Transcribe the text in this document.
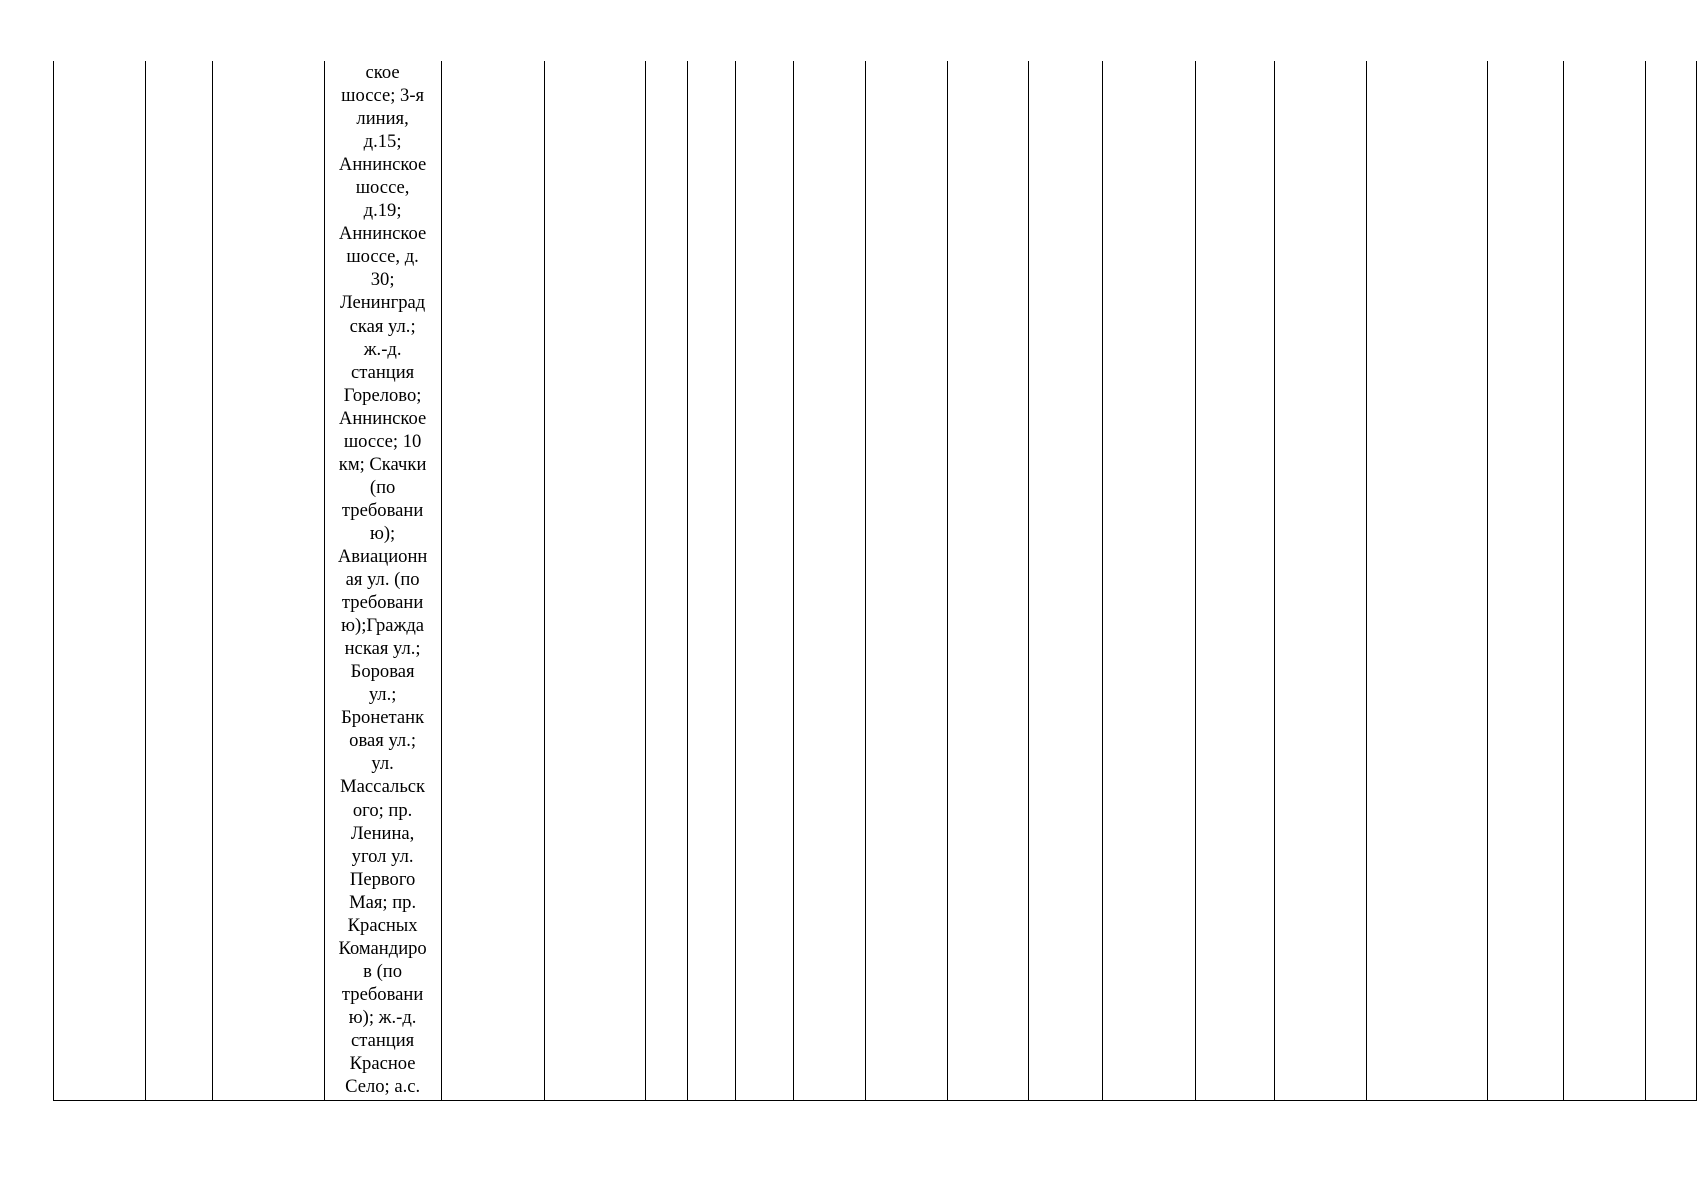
ское
шоссе; 3-я
линия,
д.15;
Аннинское
шоссе,
д.19;
Аннинское
шоссе, д.
30;
Ленинград
ская ул.;
ж.-д.
станция
Горелово;
Аннинское
шоссе; 10
км; Скачки
(по
требовани
ю);
Авиационн
ая ул. (по
требовани
ю);Гражда
нская ул.;
Боровая
ул.;
Бронетанк
овая ул.;
ул.
Массальск
ого; пр.
Ленина,
угол ул.
Первого
Мая; пр.
Красных
Командиро
в (по
требовани
ю); ж.-д.
станция
Красное
Село; а.с.
